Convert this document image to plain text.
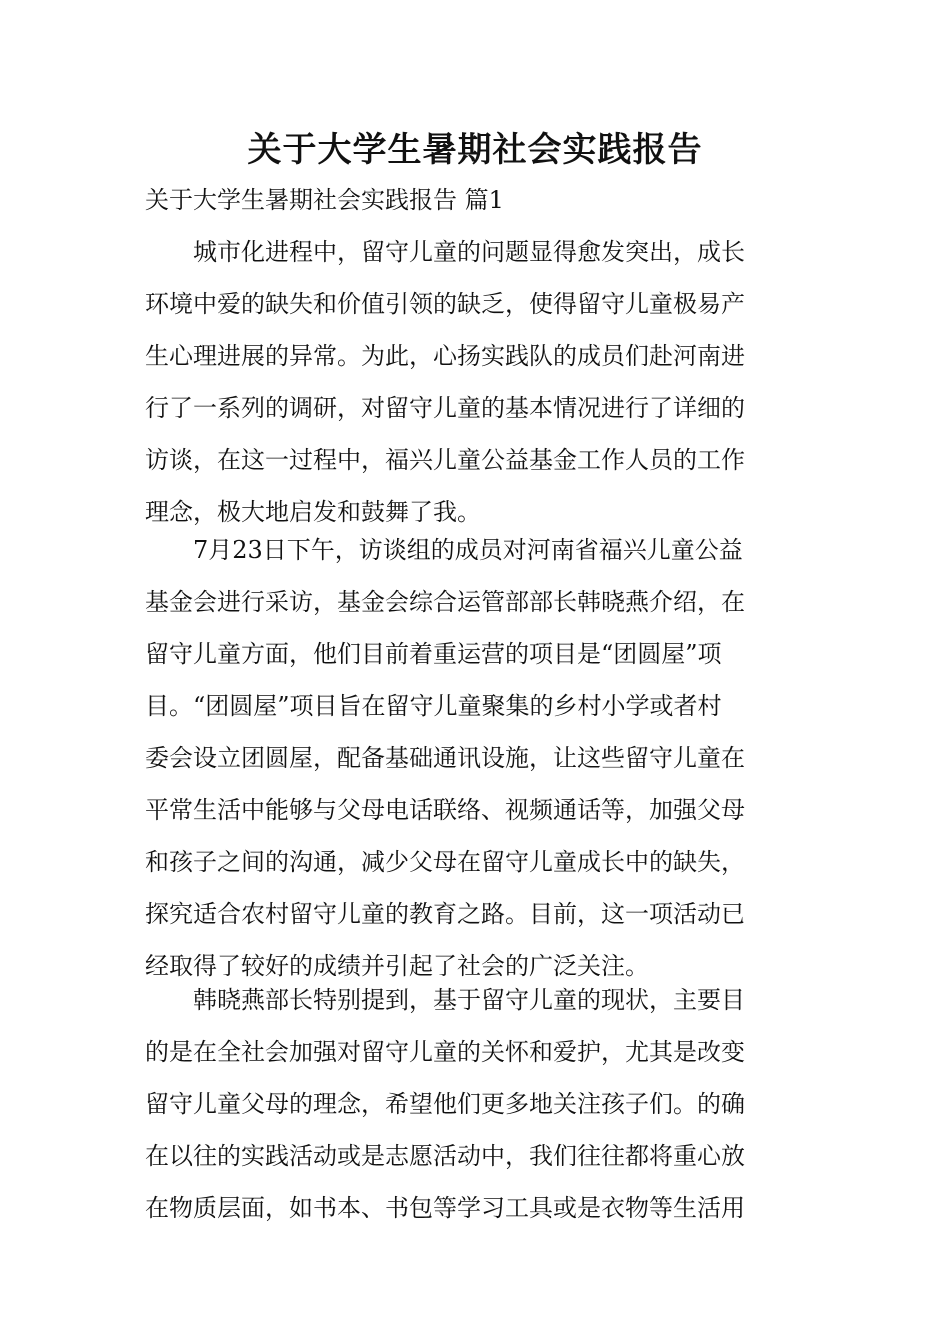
关于大学生暑期社会实践报告
关于大学生暑期社会实践报告 篇1
城市化进程中，留守儿童的问题显得愈发突出，成长
环境中爱的缺失和价值引领的缺乏，使得留守儿童极易产
生心理进展的异常。为此，心扬实践队的成员们赴河南进
行了一系列的调研，对留守儿童的基本情况进行了详细的
访谈，在这一过程中，福兴儿童公益基金工作人员的工作
理念，极大地启发和鼓舞了我。
7月23日下午，访谈组的成员对河南省福兴儿童公益
基金会进行采访，基金会综合运管部部长韩晓燕介绍，在
留守儿童方面，他们目前着重运营的项目是“团圆屋”项
目。“团圆屋”项目旨在留守儿童聚集的乡村小学或者村
委会设立团圆屋，配备基础通讯设施，让这些留守儿童在
平常生活中能够与父母电话联络、视频通话等，加强父母
和孩子之间的沟通，减少父母在留守儿童成长中的缺失，
探究适合农村留守儿童的教育之路。目前，这一项活动已
经取得了较好的成绩并引起了社会的广泛关注。
韩晓燕部长特别提到，基于留守儿童的现状，主要目
的是在全社会加强对留守儿童的关怀和爱护，尤其是改变
留守儿童父母的理念，希望他们更多地关注孩子们。的确
在以往的实践活动或是志愿活动中，我们往往都将重心放
在物质层面，如书本、书包等学习工具或是衣物等生活用
